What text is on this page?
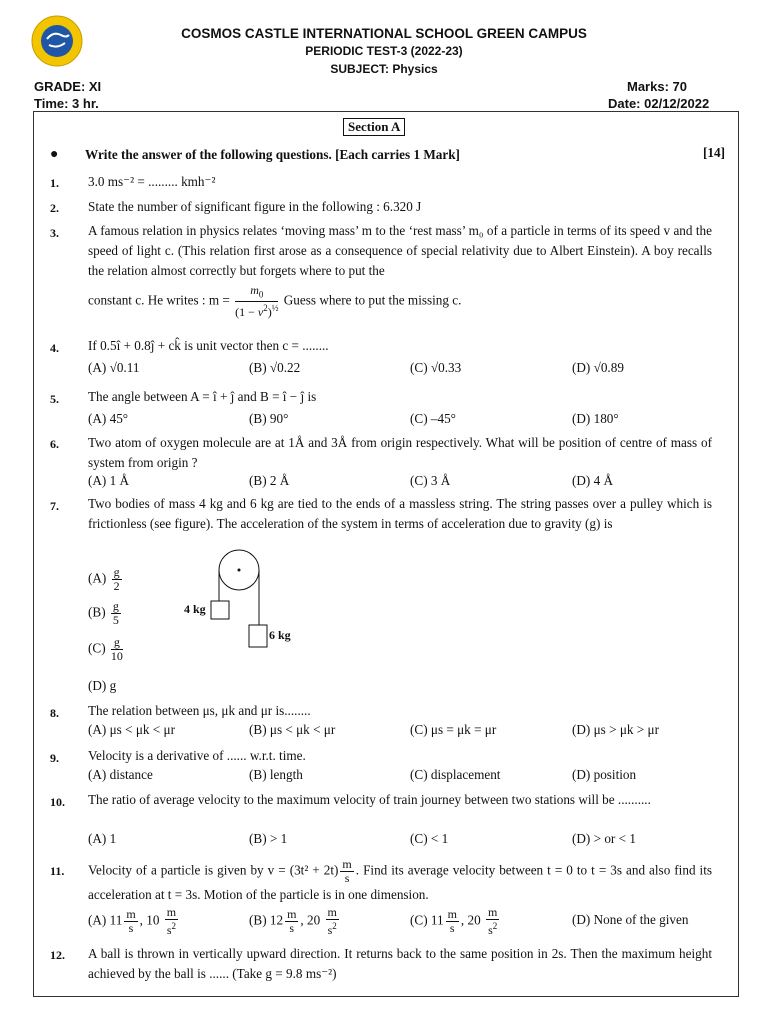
COSMOS CASTLE INTERNATIONAL SCHOOL GREEN CAMPUS
PERIODIC TEST-3 (2022-23)
SUBJECT: Physics
GRADE: XI
Time: 3 hr.
Marks: 70
Date: 02/12/2022
Section A
● Write the answer of the following questions. [Each carries 1 Mark]	[14]
1. 3.0 ms⁻² = ......... kmh⁻²
2. State the number of significant figure in the following : 6.320 J
3. A famous relation in physics relates ‘moving mass’ m to the ‘rest mass’ m₀ of a particle in terms of its speed v and the speed of light c. (This relation first arose as a consequence of special relativity due to Albert Einstein). A boy recalls the relation almost correctly but forgets where to put the
constant c. He writes : $m = \frac{m_0}{(1 - v^2)^{\frac{1}{2}}}$ Guess where to put the missing c.
4. If 0.5î + 0.8ĵ + ck̂ is unit vector then c = ........
(A) √0.11	(B) √0.22	(C) √0.33	(D) √0.89
5. The angle between A = î + ĵ and B = î − ĵ is
(A) 45°	(B) 90°	(C) –45°	(D) 180°
6. Two atom of oxygen molecule are at 1Å and 3Å from origin respectively. What will be position of centre of mass of system from origin ?
(A) 1 Å	(B) 2 Å	(C) 3 Å	(D) 4 Å
7. Two bodies of mass 4 kg and 6 kg are tied to the ends of a massless string. The string passes over a pulley which is frictionless (see figure). The acceleration of the system in terms of acceleration due to gravity (g) is
$(A) \frac{g}{2}$
$(B) \frac{g}{5}$
$(C) \frac{g}{10}$
(D) g
4 kg
6 kg
8. The relation between μs, μk and μr is........
(A) μs < μk < μr	(B) μs < μk < μr	(C) μs = μk = μr	(D) μs > μk > μr
9. Velocity is a derivative of ...... w.r.t. time.
(A) distance	(B) length	(C) displacement	(D) position
10. The ratio of average velocity to the maximum velocity of train journey between two stations will be ..........
(A) 1	(B) > 1	(C) < 1	(D) > or < 1
11. Velocity of a particle is given by $v = (3t^2 + 2t) \frac{m}{s}$ . Find its average velocity between t = 0 to t = 3s and also find its acceleration at t = 3s. Motion of the particle is in one dimension.
(A) $11 \frac{m}{s}$ , $10 \frac{m}{s^2}$	(B) $12 \frac{m}{s}$ , $20 \frac{m}{s^2}$	(C) $11 \frac{m}{s}$ , $20 \frac{m}{s^2}$	(D) None of the given
12. A ball is thrown in vertically upward direction. It returns back to the same position in 2s. Then the maximum height achieved by the ball is ...... (Take g = 9.8 ms⁻²)
